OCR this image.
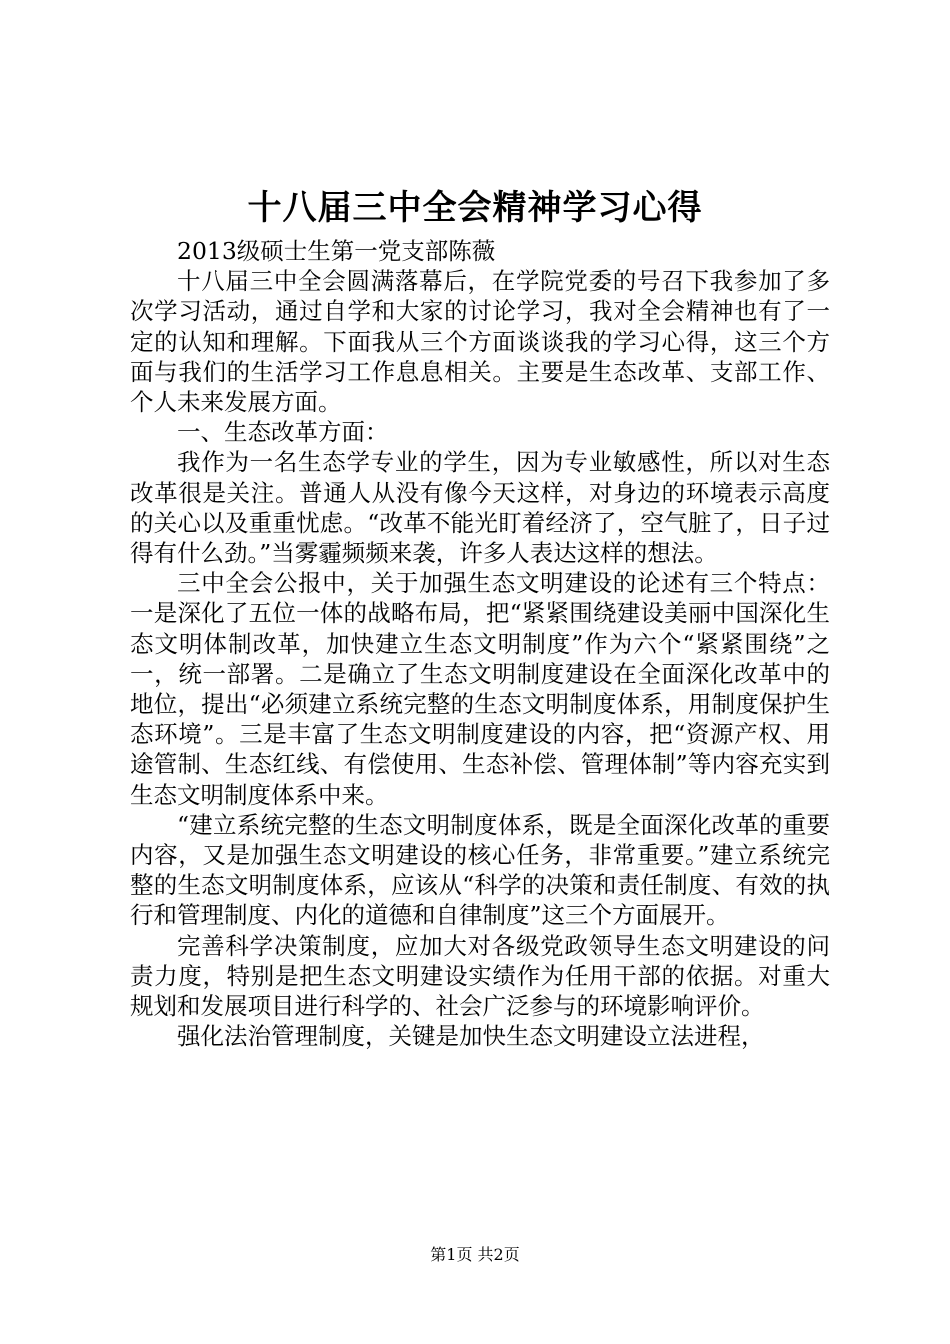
十八届三中全会精神学习心得

2013级硕士生第一党支部陈薇

十八届三中全会圆满落幕后，在学院党委的号召下我参加了多次学习活动，通过自学和大家的讨论学习，我对全会精神也有了一定的认知和理解。下面我从三个方面谈谈我的学习心得，这三个方面与我们的生活学习工作息息相关。主要是生态改革、支部工作、个人未来发展方面。

一、生态改革方面：

我作为一名生态学专业的学生，因为专业敏感性，所以对生态改革很是关注。普通人从没有像今天这样，对身边的环境表示高度的关心以及重重忧虑。“改革不能光盯着经济了，空气脏了，日子过得有什么劲。”当雾霾频频来袭，许多人表达这样的想法。

三中全会公报中，关于加强生态文明建设的论述有三个特点：一是深化了五位一体的战略布局，把“紧紧围绕建设美丽中国深化生态文明体制改革，加快建立生态文明制度”作为六个“紧紧围绕”之一，统一部署。二是确立了生态文明制度建设在全面深化改革中的地位，提出“必须建立系统完整的生态文明制度体系，用制度保护生态环境”。三是丰富了生态文明制度建设的内容，把“资源产权、用途管制、生态红线、有偿使用、生态补偿、管理体制”等内容充实到生态文明制度体系中来。

“建立系统完整的生态文明制度体系，既是全面深化改革的重要内容，又是加强生态文明建设的核心任务，非常重要。”建立系统完整的生态文明制度体系，应该从“科学的决策和责任制度、有效的执行和管理制度、内化的道德和自律制度”这三个方面展开。

完善科学决策制度，应加大对各级党政领导生态文明建设的问责力度，特别是把生态文明建设实绩作为任用干部的依据。对重大规划和发展项目进行科学的、社会广泛参与的环境影响评价。

强化法治管理制度，关键是加快生态文明建设立法进程，

第1页 共2页
